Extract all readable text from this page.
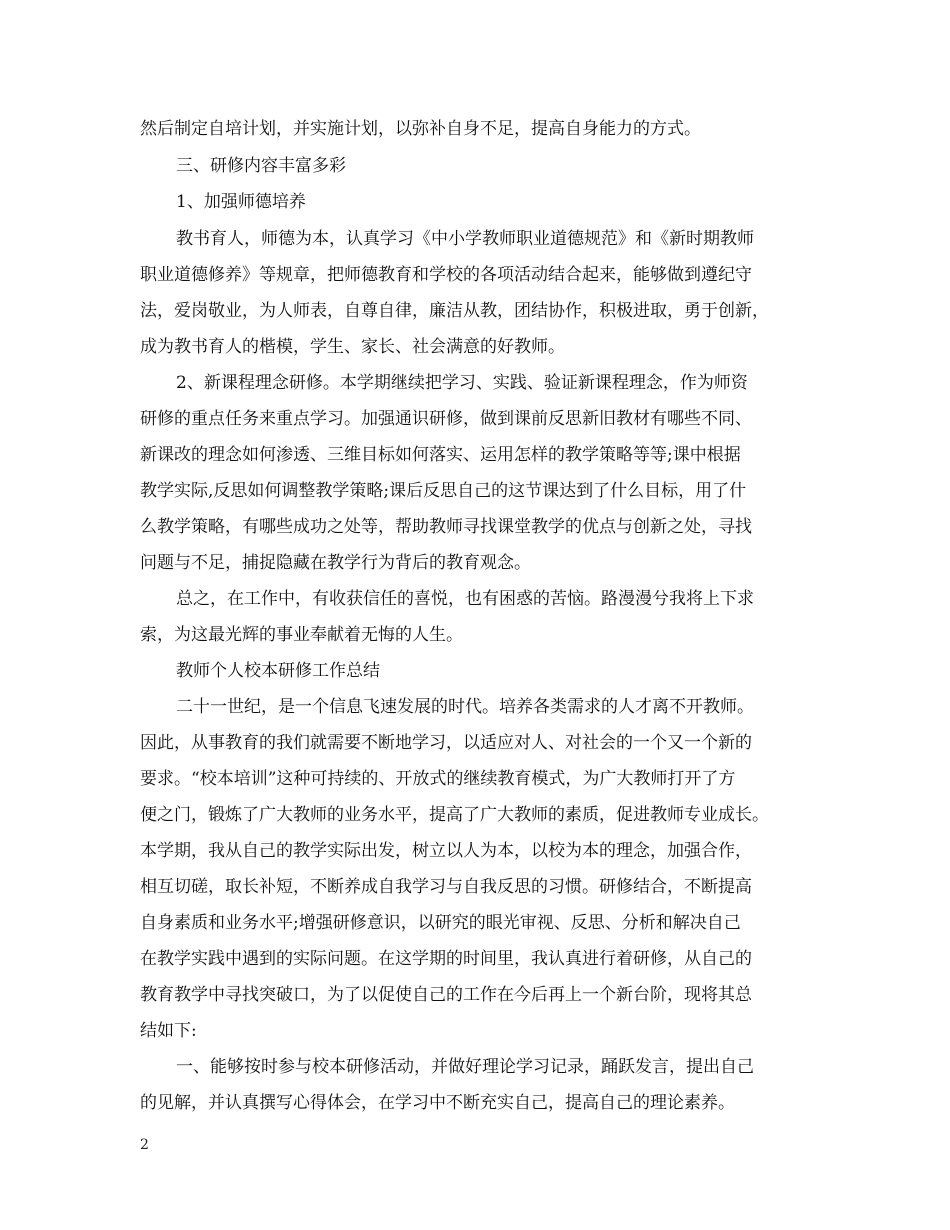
然后制定自培计划，并实施计划，以弥补自身不足，提高自身能力的方式。

三、研修内容丰富多彩

1、加强师德培养

教书育人，师德为本，认真学习《中小学教师职业道德规范》和《新时期教师

职业道德修养》等规章，把师德教育和学校的各项活动结合起来，能够做到遵纪守

法，爱岗敬业，为人师表，自尊自律，廉洁从教，团结协作，积极进取，勇于创新，

成为教书育人的楷模，学生、家长、社会满意的好教师。

2、新课程理念研修。本学期继续把学习、实践、验证新课程理念，作为师资

研修的重点任务来重点学习。加强通识研修，做到课前反思新旧教材有哪些不同、

新课改的理念如何渗透、三维目标如何落实、运用怎样的教学策略等等;课中根据

教学实际,反思如何调整教学策略;课后反思自己的这节课达到了什么目标，用了什

么教学策略，有哪些成功之处等，帮助教师寻找课堂教学的优点与创新之处，寻找

问题与不足，捕捉隐藏在教学行为背后的教育观念。

总之，在工作中，有收获信任的喜悦，也有困惑的苦恼。路漫漫兮我将上下求

索，为这最光辉的事业奉献着无悔的人生。

教师个人校本研修工作总结

二十一世纪，是一个信息飞速发展的时代。培养各类需求的人才离不开教师。

因此，从事教育的我们就需要不断地学习，以适应对人、对社会的一个又一个新的

要求。“校本培训”这种可持续的、开放式的继续教育模式，为广大教师打开了方

便之门，锻炼了广大教师的业务水平，提高了广大教师的素质，促进教师专业成长。

本学期，我从自己的教学实际出发，树立以人为本，以校为本的理念，加强合作，

相互切磋，取长补短，不断养成自我学习与自我反思的习惯。研修结合，不断提高

自身素质和业务水平;增强研修意识，以研究的眼光审视、反思、分析和解决自己

在教学实践中遇到的实际问题。在这学期的时间里，我认真进行着研修，从自己的

教育教学中寻找突破口，为了以促使自己的工作在今后再上一个新台阶，现将其总

结如下:

一、能够按时参与校本研修活动，并做好理论学习记录，踊跃发言，提出自己

的见解，并认真撰写心得体会，在学习中不断充实自己，提高自己的理论素养。

2
